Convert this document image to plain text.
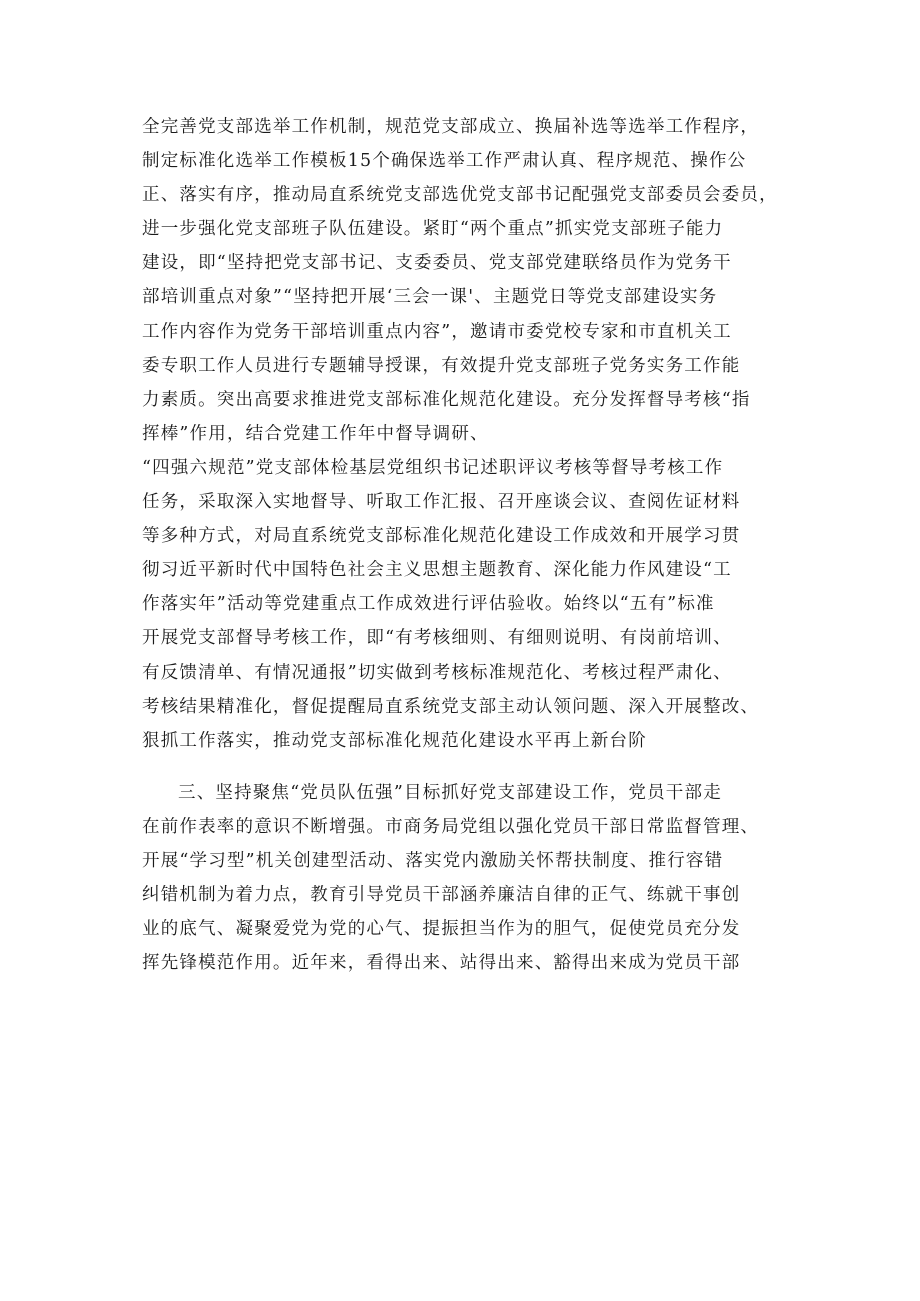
全完善党支部选举工作机制，规范党支部成立、换届补选等选举工作程序，
制定标准化选举工作模板15个确保选举工作严肃认真、程序规范、操作公
正、落实有序，推动局直系统党支部选优党支部书记配强党支部委员会委员，
进一步强化党支部班子队伍建设。紧盯“两个重点”抓实党支部班子能力
建设，即“坚持把党支部书记、支委委员、党支部党建联络员作为党务干
部培训重点对象”“坚持把开展‘三会一课'、主题党日等党支部建设实务
工作内容作为党务干部培训重点内容”，邀请市委党校专家和市直机关工
委专职工作人员进行专题辅导授课，有效提升党支部班子党务实务工作能
力素质。突出高要求推进党支部标准化规范化建设。充分发挥督导考核“指
挥棒”作用，结合党建工作年中督导调研、
“四强六规范”党支部体检基层党组织书记述职评议考核等督导考核工作
任务，采取深入实地督导、听取工作汇报、召开座谈会议、查阅佐证材料
等多种方式，对局直系统党支部标准化规范化建设工作成效和开展学习贯
彻习近平新时代中国特色社会主义思想主题教育、深化能力作风建设“工
作落实年”活动等党建重点工作成效进行评估验收。始终以“五有”标准
开展党支部督导考核工作，即“有考核细则、有细则说明、有岗前培训、
有反馈清单、有情况通报”切实做到考核标准规范化、考核过程严肃化、
考核结果精准化，督促提醒局直系统党支部主动认领问题、深入开展整改、
狠抓工作落实，推动党支部标准化规范化建设水平再上新台阶
三、坚持聚焦“党员队伍强”目标抓好党支部建设工作，党员干部走
在前作表率的意识不断增强。市商务局党组以强化党员干部日常监督管理、
开展“学习型”机关创建型活动、落实党内激励关怀帮扶制度、推行容错
纠错机制为着力点，教育引导党员干部涵养廉洁自律的正气、练就干事创
业的底气、凝聚爱党为党的心气、提振担当作为的胆气，促使党员充分发
挥先锋模范作用。近年来，看得出来、站得出来、豁得出来成为党员干部
